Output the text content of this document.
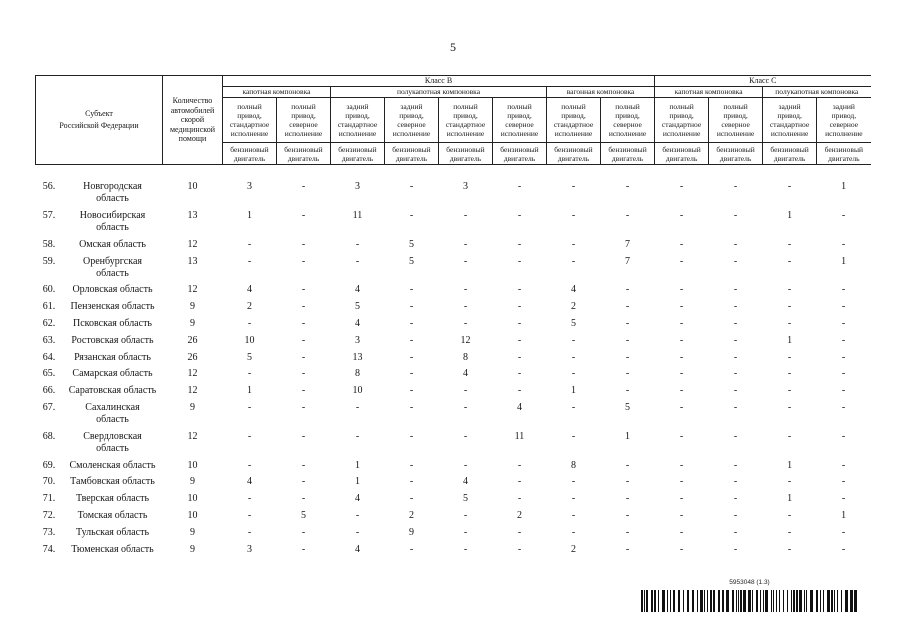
5
Субъект
Российской Федерации		Количество автомобилей скорой медицинской помощи	Класс В								Класс С			
			капотная компоновка		полукапотная компоновка				вагонная компоновка		капотная компоновка		полукапотная компоновка	
			полный привод, стандартное исполнение	полный привод, северное исполнение	задний привод, стандартное исполнение	задний привод, северное исполнение	полный привод, стандартное исполнение	полный привод, северное исполнение	полный привод, стандартное исполнение	полный привод, северное исполнение	полный привод, стандартное исполнение	полный привод, северное исполнение	задний привод, стандартное исполнение	задний привод, северное исполнение
			бензиновый двигатель	бензиновый двигатель	бензиновый двигатель	бензиновый двигатель	бензиновый двигатель	бензиновый двигатель	бензиновый двигатель	бензиновый двигатель	бензиновый двигатель	бензиновый двигатель	бензиновый двигатель	бензиновый двигатель

56.	Новгородская
область	10	3	-	3	-	3	-	-	-	-	-	-	1
57.	Новосибирская
область	13	1	-	11	-	-	-	-	-	-	-	1	-
58.	Омская область	12	-	-	-	5	-	-	-	7	-	-	-	-
59.	Оренбургская
область	13	-	-	-	5	-	-	-	7	-	-	-	1
60.	Орловская область	12	4	-	4	-	-	-	4	-	-	-	-	-
61.	Пензенская область	9	2	-	5	-	-	-	2	-	-	-	-	-
62.	Псковская область	9	-	-	4	-	-	-	5	-	-	-	-	-
63.	Ростовская область	26	10	-	3	-	12	-	-	-	-	-	1	-
64.	Рязанская область	26	5	-	13	-	8	-	-	-	-	-	-	-
65.	Самарская область	12	-	-	8	-	4	-	-	-	-	-	-	-
66.	Саратовская область	12	1	-	10	-	-	-	1	-	-	-	-	-
67.	Сахалинская
область	9	-	-	-	-	-	4	-	5	-	-	-	-
68.	Свердловская
область	12	-	-	-	-	-	11	-	1	-	-	-	-
69.	Смоленская область	10	-	-	1	-	-	-	8	-	-	-	1	-
70.	Тамбовская область	9	4	-	1	-	4	-	-	-	-	-	-	-
71.	Тверская область	10	-	-	4	-	5	-	-	-	-	-	1	-
72.	Томская область	10	-	5	-	2	-	2	-	-	-	-	-	1
73.	Тульская область	9	-	-	-	9	-	-	-	-	-	-	-	-
74.	Тюменская область	9	3	-	4	-	-	-	2	-	-	-	-	-
5953048 (1.3)
